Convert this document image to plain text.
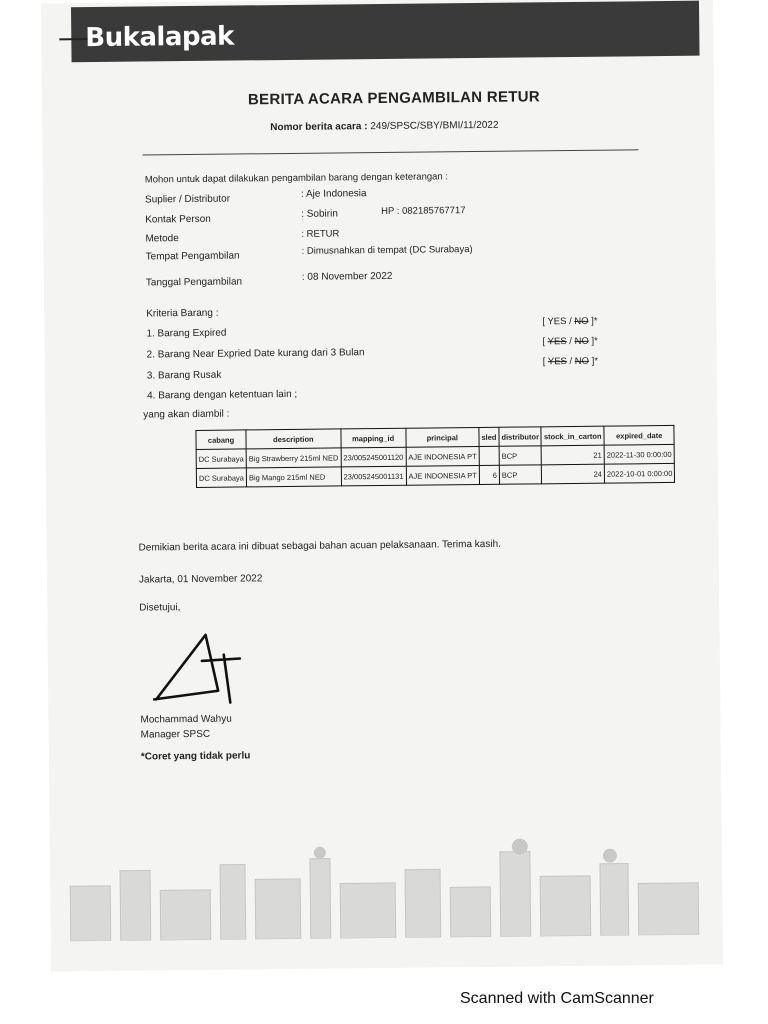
Bukalapak
BERITA ACARA PENGAMBILAN RETUR
Nomor berita acara : 249/SPSC/SBY/BMI/11/2022
Mohon untuk dapat dilakukan pengambilan barang dengan keterangan :
Suplier / Distributor	: Aje Indonesia
Kontak Person	: Sobirin	HP : 082185767717
Metode	: RETUR
Tempat Pengambilan	: Dimusnahkan di tempat (DC Surabaya)
Tanggal Pengambilan	: 08 November 2022
Kriteria Barang :
1. Barang Expired
[ YES / NO ]*
2. Barang Near Expried Date kurang dari 3 Bulan
[ YES / NO ]*
3. Barang Rusak
[ YES / NO ]*
4. Barang dengan ketentuan lain ;
yang akan diambil :
cabang	description	mapping_id	principal	sled	distributor	stock_in_carton	expired_date
DC Surabaya	Big Strawberry 215ml NED	23/005245001120	AJE INDONESIA PT		BCP	21	2022-11-30 0:00:00
DC Surabaya	Big Mango 215ml NED	23/005245001131	AJE INDONESIA PT	6	BCP	24	2022-10-01 0:00:00
Demikian berita acara ini dibuat sebagai bahan acuan pelaksanaan. Terima kasih.
Jakarta, 01 November 2022
Disetujui,
Mochammad Wahyu
Manager SPSC
*Coret yang tidak perlu
Scanned with CamScanner
